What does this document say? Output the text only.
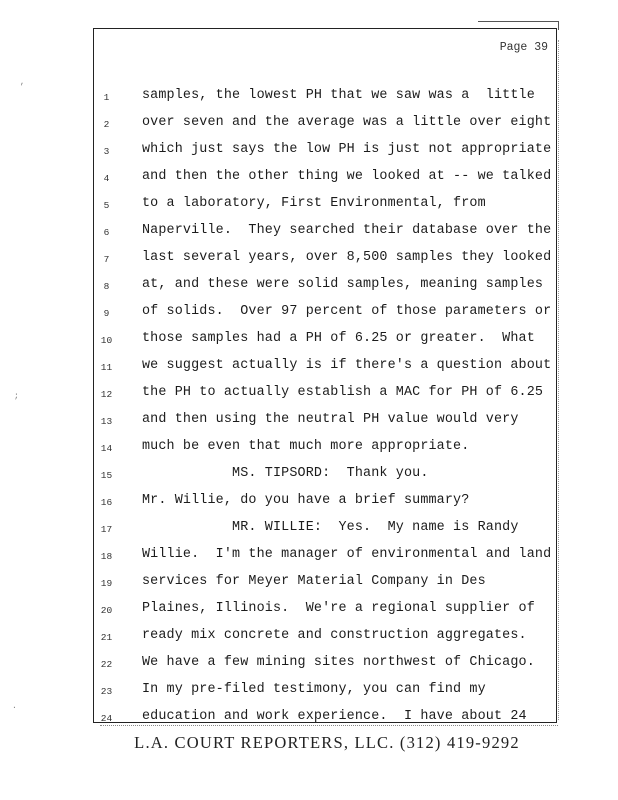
,
;
.
Page 39
1	samples, the lowest PH that we saw was a  little
2	over seven and the average was a little over eight
3	which just says the low PH is just not appropriate
4	and then the other thing we looked at -- we talked
5	to a laboratory, First Environmental, from
6	Naperville.  They searched their database over the
7	last several years, over 8,500 samples they looked
8	at, and these were solid samples, meaning samples
9	of solids.  Over 97 percent of those parameters or
10	those samples had a PH of 6.25 or greater.  What
11	we suggest actually is if there's a question about
12	the PH to actually establish a MAC for PH of 6.25
13	and then using the neutral PH value would very
14	much be even that much more appropriate.
15	MS. TIPSORD:  Thank you.
16	Mr. Willie, do you have a brief summary?
17	MR. WILLIE:  Yes.  My name is Randy
18	Willie.  I'm the manager of environmental and land
19	services for Meyer Material Company in Des
20	Plaines, Illinois.  We're a regional supplier of
21	ready mix concrete and construction aggregates.
22	We have a few mining sites northwest of Chicago.
23	In my pre-filed testimony, you can find my
24	education and work experience.  I have about 24
L.A. COURT REPORTERS, LLC. (312) 419-9292
